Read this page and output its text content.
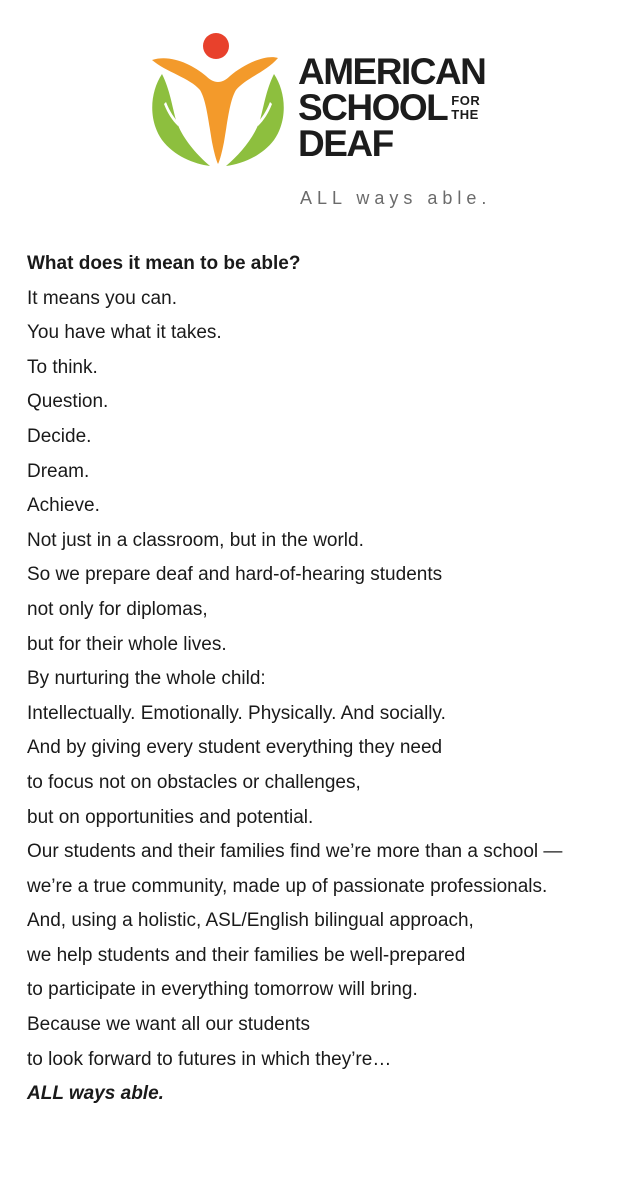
AMERICAN
SCHOOL FOR
THE
DEAF
ALL ways able.
What does it mean to be able?
It means you can.
You have what it takes.
To think.
Question.
Decide.
Dream.
Achieve.
Not just in a classroom, but in the world.
So we prepare deaf and hard-of-hearing students
not only for diplomas,
but for their whole lives.
By nurturing the whole child:
Intellectually. Emotionally. Physically. And socially.
And by giving every student everything they need
to focus not on obstacles or challenges,
but on opportunities and potential.
Our students and their families find we’re more than a school —
we’re a true community, made up of passionate professionals.
And, using a holistic, ASL/English bilingual approach,
we help students and their families be well-prepared
to participate in everything tomorrow will bring.
Because we want all our students
to look forward to futures in which they’re…
ALL ways able.
